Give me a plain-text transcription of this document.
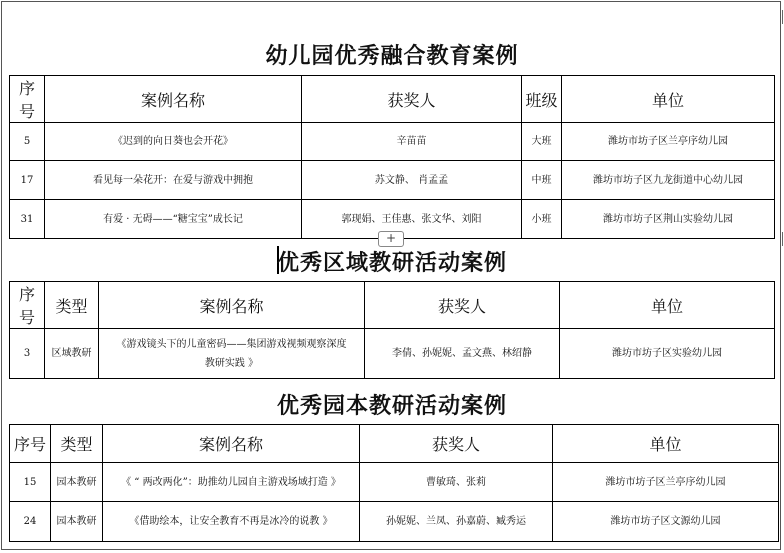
幼儿园优秀融合教育案例
序号	案例名称	获奖人	班级	单位
5	《迟到的向日葵也会开花》	辛苗苗	大班	潍坊市坊子区兰亭序幼儿园
17	看见每一朵花开：在爱与游戏中拥抱	苏文静、 肖孟孟	中班	潍坊市坊子区九龙街道中心幼儿园
31	有爱 · 无碍——“糖宝宝”成长记	郭现娟、王佳惠、张文华、刘阳	小班	潍坊市坊子区荆山实验幼儿园
+
优秀区域教研活动案例
序号	类型	案例名称	获奖人	单位
3	区域教研	《游戏镜头下的儿童密码——集团游戏视频观察深度教研实践 》	李倩、孙妮妮、孟文燕、林绍静	潍坊市坊子区实验幼儿园
优秀园本教研活动案例
序号	类型	案例名称	获奖人	单位
15	园本教研	《 “ 两改两化”：助推幼儿园自主游戏场域打造 》	曹敏琦、张莉	潍坊市坊子区兰亭序幼儿园
24	园本教研	《借助绘本，让安全教育不再是冰冷的说教 》	孙妮妮、兰凤、孙嘉蔚、臧秀运	潍坊市坊子区文源幼儿园
